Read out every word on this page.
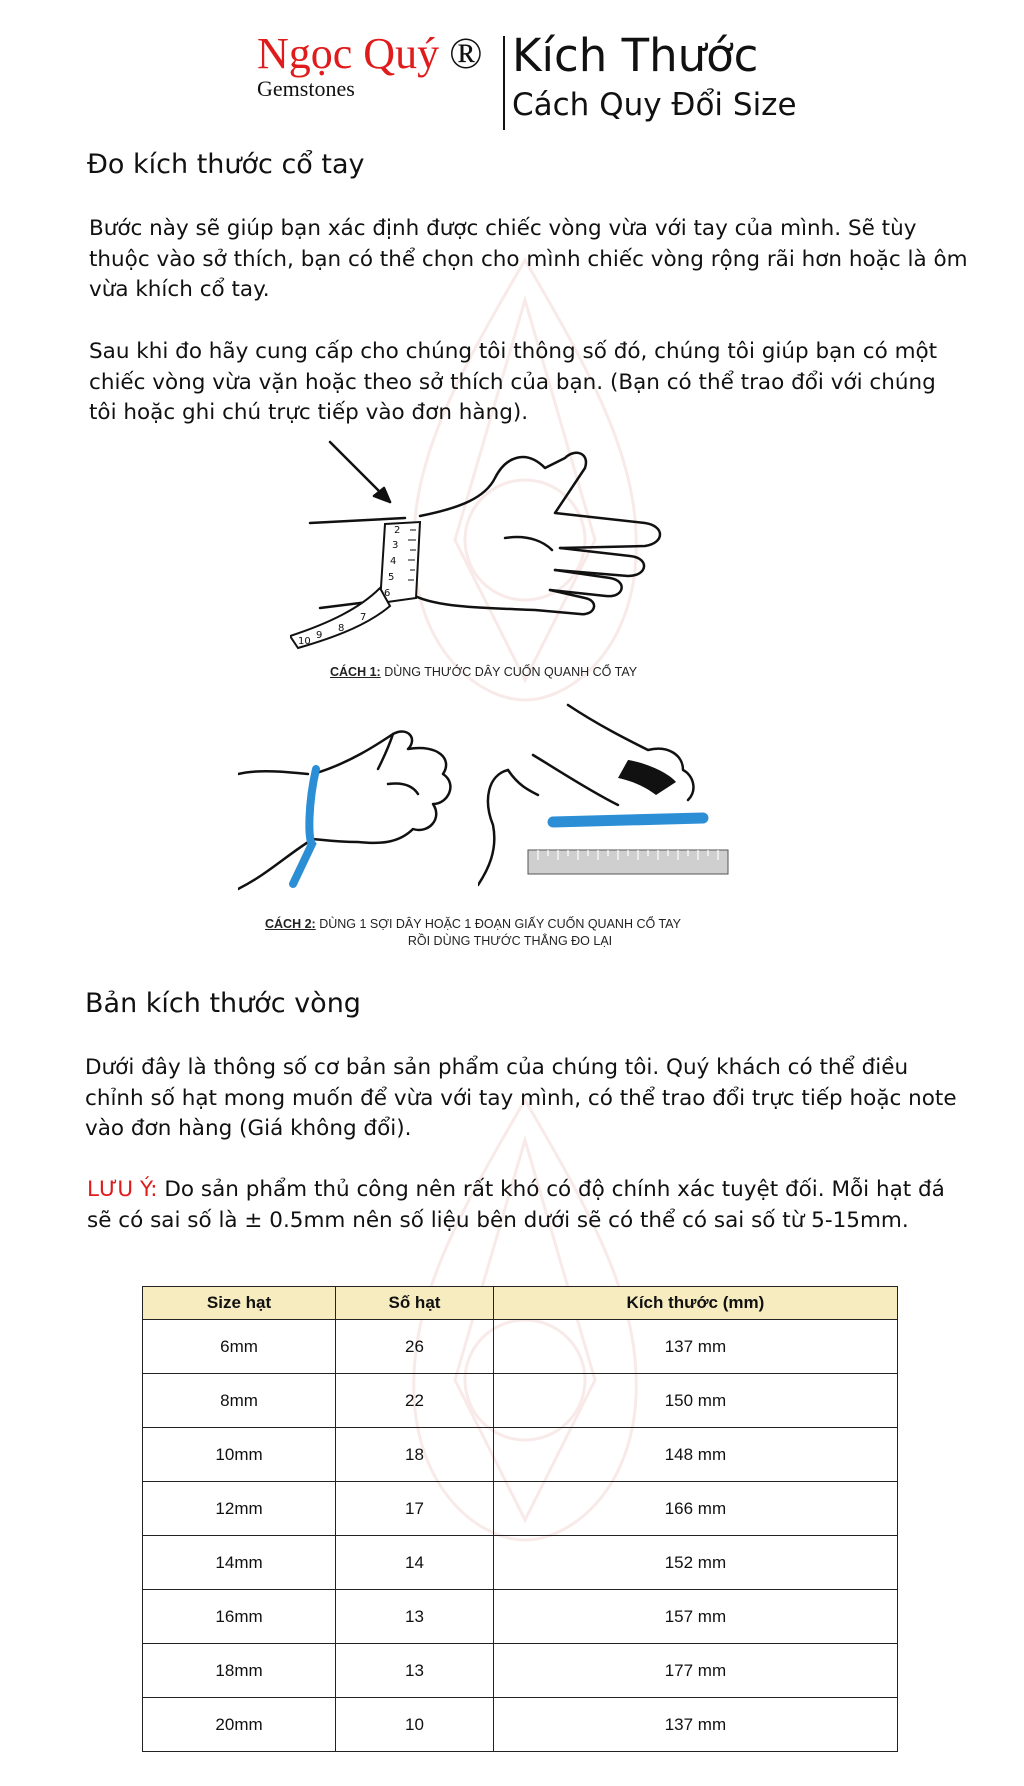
Ngọc Quý ®
Gemstones
Kích Thước
Cách Quy Đổi Size
Đo kích thước cổ tay
Bước này sẽ giúp bạn xác định được chiếc vòng vừa với tay của mình. Sẽ tùy thuộc vào sở thích, bạn có thể chọn cho mình chiếc vòng rộng rãi hơn hoặc là ôm vừa khích cổ tay.
Sau khi đo hãy cung cấp cho chúng tôi thông số đó, chúng tôi giúp bạn có một chiếc vòng vừa vặn hoặc theo sở thích của bạn. (Bạn có thể trao đổi với chúng tôi hoặc ghi chú trực tiếp vào đơn hàng).
10
9
8
7
6
5
4
3
2
CÁCH 1: DÙNG THƯỚC DÂY CUỐN QUANH CỔ TAY
CÁCH 2: DÙNG 1 SỢI DÂY HOẶC 1 ĐOẠN GIẤY CUỐN QUANH CỔ TAY

RỒI DÙNG THƯỚC THẲNG ĐO LẠI
Bản kích thước vòng
Dưới đây là thông số cơ bản sản phẩm của chúng tôi. Quý khách có thể điều chỉnh số hạt mong muốn để vừa với tay mình, có thể trao đổi trực tiếp hoặc note vào đơn hàng (Giá không đổi).
LƯU Ý: Do sản phẩm thủ công nên rất khó có độ chính xác tuyệt đối. Mỗi hạt đá sẽ có sai số là ± 0.5mm nên số liệu bên dưới sẽ có thể có sai số từ 5-15mm.
Size hạt	Số hạt	Kích thước (mm)
6mm	26	137 mm
8mm	22	150 mm
10mm	18	148 mm
12mm	17	166 mm
14mm	14	152 mm
16mm	13	157 mm
18mm	13	177 mm
20mm	10	137 mm
